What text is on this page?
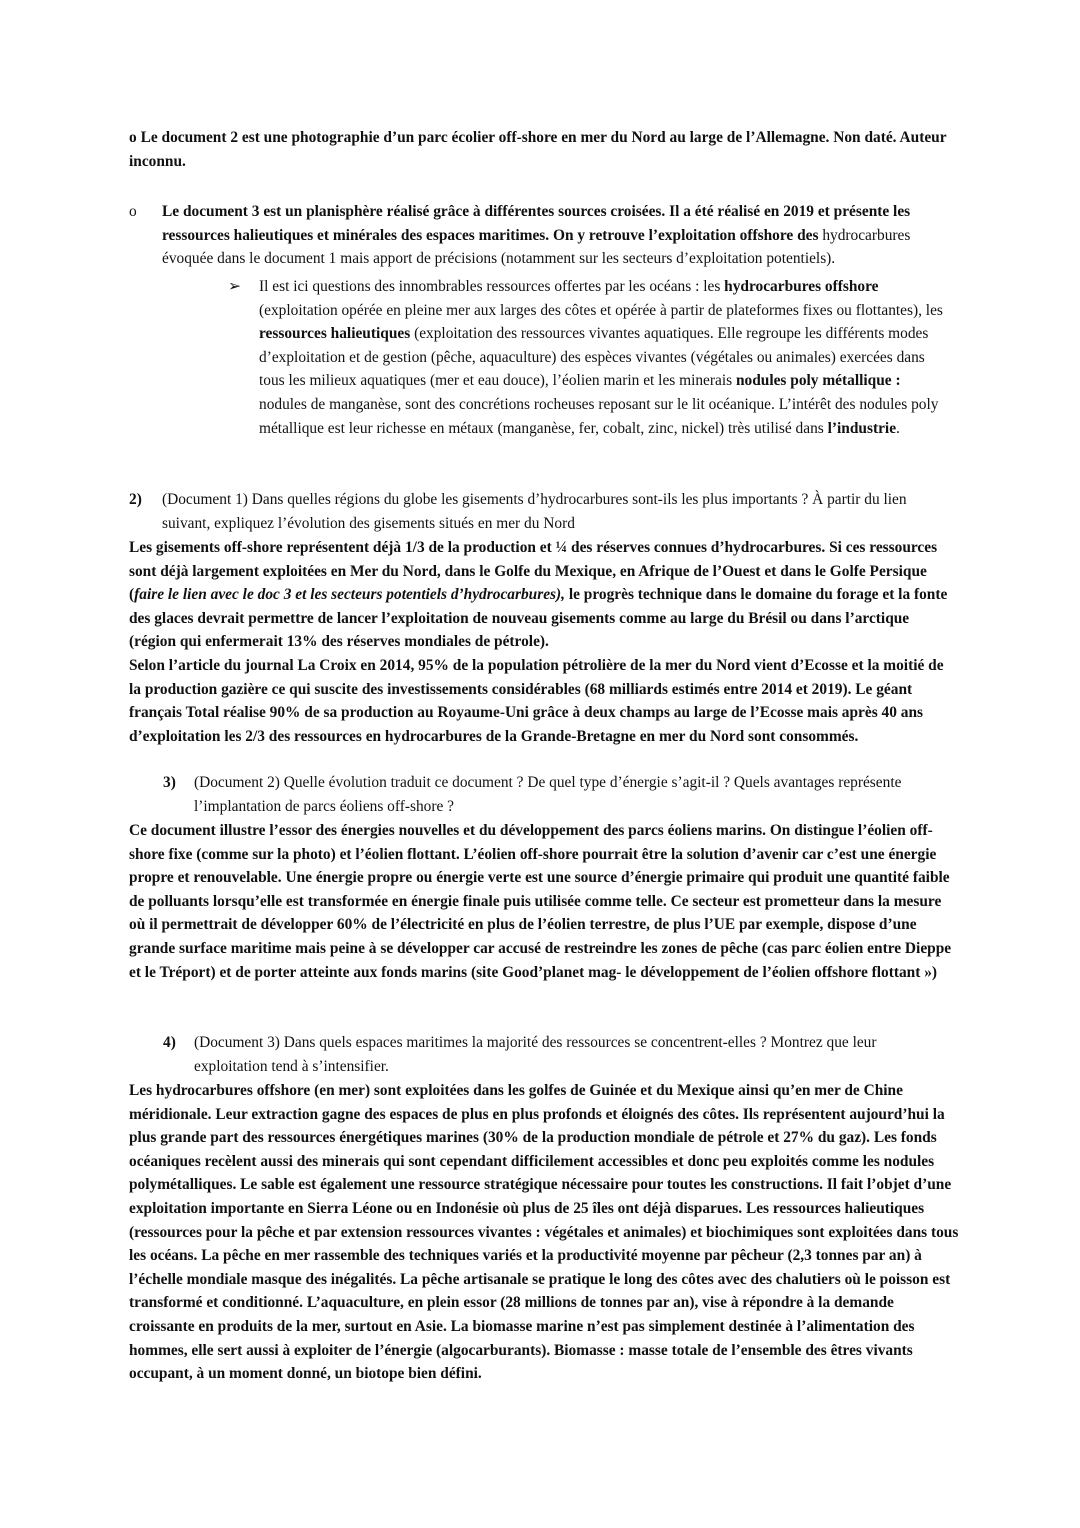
o Le document 2 est une photographie d’un parc écolier off-shore en mer du Nord au large de l’Allemagne. Non daté. Auteur inconnu.

o Le document 3 est un planisphère réalisé grâce à différentes sources croisées. Il a été réalisé en 2019 et présente les ressources halieutiques et minérales des espaces maritimes. On y retrouve l’exploitation offshore des hydrocarbures évoquée dans le document 1 mais apport de précisions (notamment sur les secteurs d’exploitation potentiels).

➢ Il est ici questions des innombrables ressources offertes par les océans : les hydrocarbures offshore (exploitation opérée en pleine mer aux larges des côtes et opérée à partir de plateformes fixes ou flottantes), les ressources halieutiques (exploitation des ressources vivantes aquatiques. Elle regroupe les différents modes d’exploitation et de gestion (pêche, aquaculture) des espèces vivantes (végétales ou animales) exercées dans tous les milieux aquatiques (mer et eau douce), l’éolien marin et les minerais nodules poly métallique : nodules de manganèse, sont des concrétions rocheuses reposant sur le lit océanique. L’intérêt des nodules poly métallique est leur richesse en métaux (manganèse, fer, cobalt, zinc, nickel) très utilisé dans l’industrie.

2) (Document 1) Dans quelles régions du globe les gisements d’hydrocarbures sont-ils les plus importants ? À partir du lien suivant, expliquez l’évolution des gisements situés en mer du Nord

Les gisements off-shore représentent déjà 1/3 de la production et ¼ des réserves connues d’hydrocarbures. Si ces ressources sont déjà largement exploitées en Mer du Nord, dans le Golfe du Mexique, en Afrique de l’Ouest et dans le Golfe Persique (faire le lien avec le doc 3 et les secteurs potentiels d’hydrocarbures), le progrès technique dans le domaine du forage et la fonte des glaces devrait permettre de lancer l’exploitation de nouveau gisements comme au large du Brésil ou dans l’arctique (région qui enfermerait 13% des réserves mondiales de pétrole).

Selon l’article du journal La Croix en 2014, 95% de la population pétrolière de la mer du Nord vient d’Ecosse et la moitié de la production gazière ce qui suscite des investissements considérables (68 milliards estimés entre 2014 et 2019). Le géant français Total réalise 90% de sa production au Royaume-Uni grâce à deux champs au large de l’Ecosse mais après 40 ans d’exploitation les 2/3 des ressources en hydrocarbures de la Grande-Bretagne en mer du Nord sont consommés.

3) (Document 2) Quelle évolution traduit ce document ? De quel type d’énergie s’agit-il ? Quels avantages représente l’implantation de parcs éoliens off-shore ?

Ce document illustre l’essor des énergies nouvelles et du développement des parcs éoliens marins. On distingue l’éolien off-shore fixe (comme sur la photo) et l’éolien flottant. L’éolien off-shore pourrait être la solution d’avenir car c’est une énergie propre et renouvelable. Une énergie propre ou énergie verte est une source d’énergie primaire qui produit une quantité faible de polluants lorsqu’elle est transformée en énergie finale puis utilisée comme telle. Ce secteur est prometteur dans la mesure où il permettrait de développer 60% de l’électricité en plus de l’éolien terrestre, de plus l’UE par exemple, dispose d’une grande surface maritime mais peine à se développer car accusé de restreindre les zones de pêche (cas parc éolien entre Dieppe et le Tréport) et de porter atteinte aux fonds marins (site Good’planet mag- le développement de l’éolien offshore flottant »)

4) (Document 3) Dans quels espaces maritimes la majorité des ressources se concentrent-elles ? Montrez que leur exploitation tend à s’intensifier.

Les hydrocarbures offshore (en mer) sont exploitées dans les golfes de Guinée et du Mexique ainsi qu’en mer de Chine méridionale. Leur extraction gagne des espaces de plus en plus profonds et éloignés des côtes. Ils représentent aujourd’hui la plus grande part des ressources énergétiques marines (30% de la production mondiale de pétrole et 27% du gaz). Les fonds océaniques recèlent aussi des minerais qui sont cependant difficilement accessibles et donc peu exploités comme les nodules polymétalliques. Le sable est également une ressource stratégique nécessaire pour toutes les constructions. Il fait l’objet d’une exploitation importante en Sierra Léone ou en Indonésie où plus de 25 îles ont déjà disparues. Les ressources halieutiques (ressources pour la pêche et par extension ressources vivantes : végétales et animales) et biochimiques sont exploitées dans tous les océans. La pêche en mer rassemble des techniques variés et la productivité moyenne par pêcheur (2,3 tonnes par an) à l’échelle mondiale masque des inégalités. La pêche artisanale se pratique le long des côtes avec des chalutiers où le poisson est transformé et conditionné. L’aquaculture, en plein essor (28 millions de tonnes par an), vise à répondre à la demande croissante en produits de la mer, surtout en Asie. La biomasse marine n’est pas simplement destinée à l’alimentation des hommes, elle sert aussi à exploiter de l’énergie (algocarburants). Biomasse : masse totale de l’ensemble des êtres vivants occupant, à un moment donné, un biotope bien défini.
